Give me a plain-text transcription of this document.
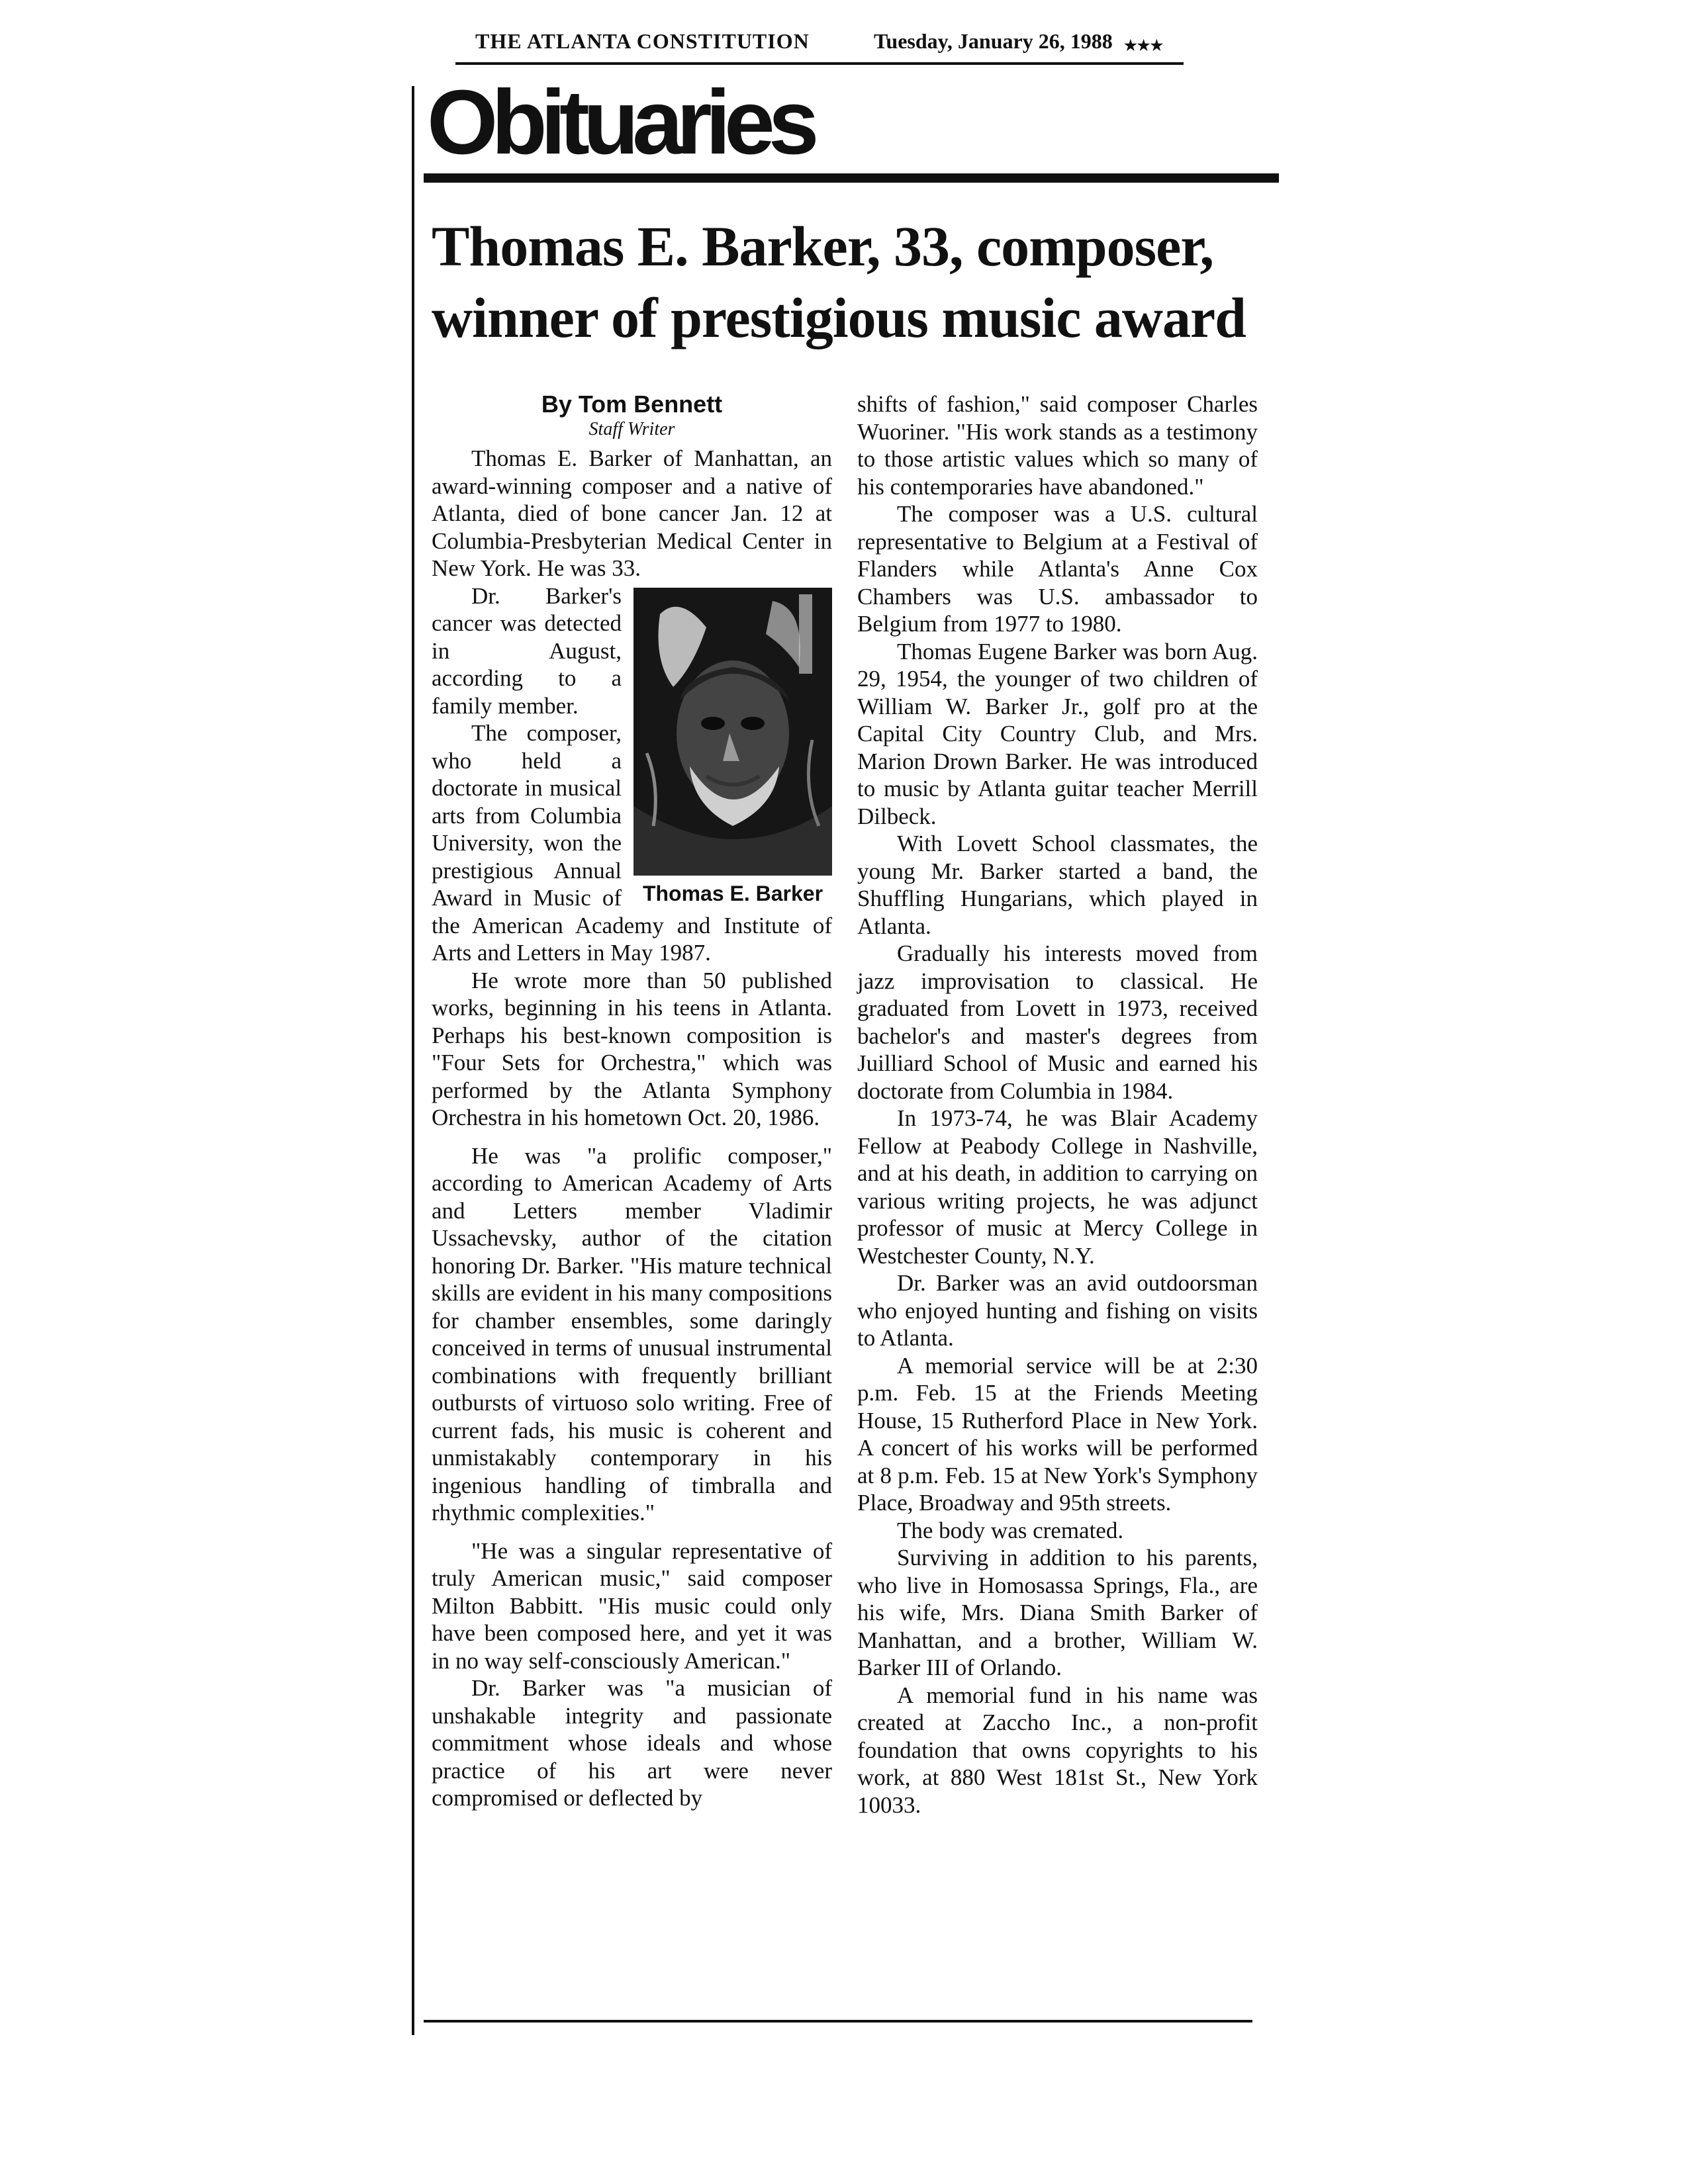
THE ATLANTA CONSTITUTION	Tuesday, January 26, 1988 ★★★
Obituaries
Thomas E. Barker, 33, composer,
winner of prestigious music award
By Tom Bennett
Staff Writer

Thomas E. Barker of Manhattan, an award-winning composer and a native of Atlanta, died of bone cancer Jan. 12 at Columbia-Presbyterian Medical Center in New York. He was 33.

Thomas E. Barker

Dr. Barker's cancer was detected in August, according to a family member.

The composer, who held a doctorate in musical arts from Columbia University, won the prestigious Annual Award in Music of the American Academy and Institute of Arts and Letters in May 1987.

He wrote more than 50 published works, beginning in his teens in Atlanta. Perhaps his best-known composition is "Four Sets for Orchestra," which was performed by the Atlanta Symphony Orchestra in his hometown Oct. 20, 1986.

He was "a prolific composer," according to American Academy of Arts and Letters member Vladimir Ussachevsky, author of the citation honoring Dr. Barker. "His mature technical skills are evident in his many compositions for chamber ensembles, some daringly conceived in terms of unusual instrumental combinations with frequently brilliant outbursts of virtuoso solo writing. Free of current fads, his music is coherent and unmistakably contemporary in his ingenious handling of timbralla and rhythmic complexities."

"He was a singular representative of truly American music," said composer Milton Babbitt. "His music could only have been composed here, and yet it was in no way self-consciously American."

Dr. Barker was "a musician of unshakable integrity and passionate commitment whose ideals and whose practice of his art were never compromised or deflected by

shifts of fashion," said composer Charles Wuoriner. "His work stands as a testimony to those artistic values which so many of his contemporaries have abandoned."

The composer was a U.S. cultural representative to Belgium at a Festival of Flanders while Atlanta's Anne Cox Chambers was U.S. ambassador to Belgium from 1977 to 1980.

Thomas Eugene Barker was born Aug. 29, 1954, the younger of two children of William W. Barker Jr., golf pro at the Capital City Country Club, and Mrs. Marion Drown Barker. He was introduced to music by Atlanta guitar teacher Merrill Dilbeck.

With Lovett School classmates, the young Mr. Barker started a band, the Shuffling Hungarians, which played in Atlanta.

Gradually his interests moved from jazz improvisation to classical. He graduated from Lovett in 1973, received bachelor's and master's degrees from Juilliard School of Music and earned his doctorate from Columbia in 1984.

In 1973-74, he was Blair Academy Fellow at Peabody College in Nashville, and at his death, in addition to carrying on various writing projects, he was adjunct professor of music at Mercy College in Westchester County, N.Y.

Dr. Barker was an avid outdoorsman who enjoyed hunting and fishing on visits to Atlanta.

A memorial service will be at 2:30 p.m. Feb. 15 at the Friends Meeting House, 15 Rutherford Place in New York. A concert of his works will be performed at 8 p.m. Feb. 15 at New York's Symphony Place, Broadway and 95th streets.

The body was cremated.

Surviving in addition to his parents, who live in Homosassa Springs, Fla., are his wife, Mrs. Diana Smith Barker of Manhattan, and a brother, William W. Barker III of Orlando.

A memorial fund in his name was created at Zaccho Inc., a non-profit foundation that owns copyrights to his work, at 880 West 181st St., New York 10033.
